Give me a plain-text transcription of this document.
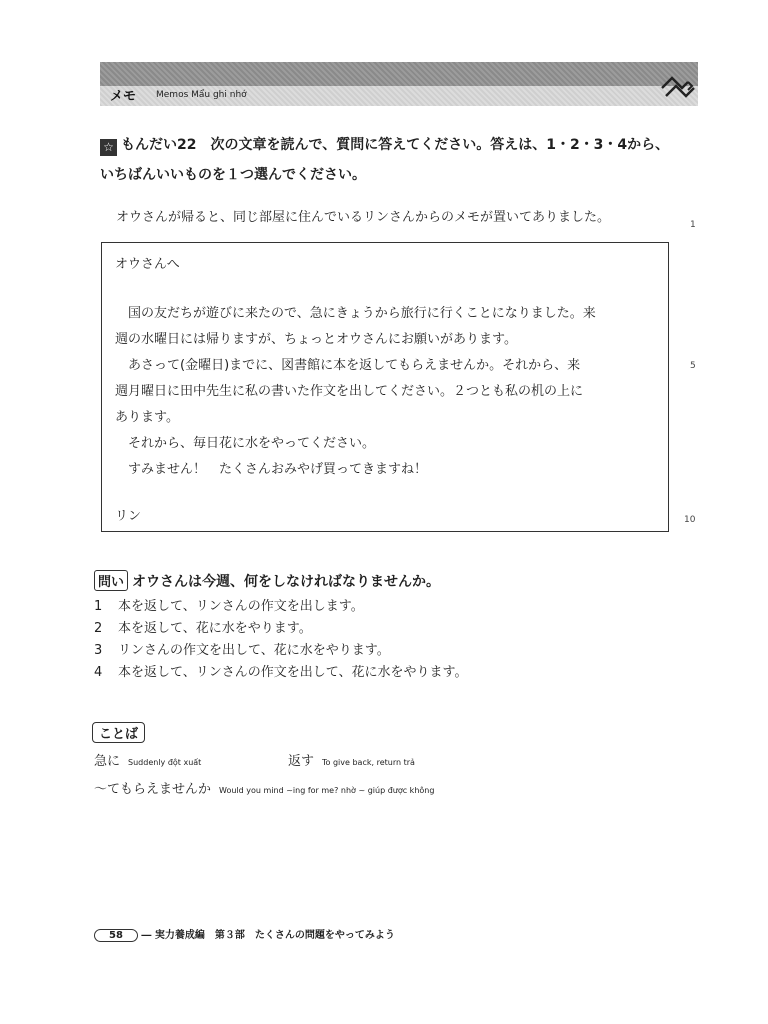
メモ Memos Mẩu ghi nhớ
☆ もんだい22　次の文章を読んで、質問に答えてください。答えは、1・2・3・4から、
いちばんいいものを１つ選んでください。
オウさんが帰ると、同じ部屋に住んでいるリンさんからのメモが置いてありました。	1
5
10
オウさんへ

　国の友だちが遊びに来たので、急にきょうから旅行に行くことになりました。来

週の水曜日には帰りますが、ちょっとオウさんにお願いがあります。

　あさって(金曜日)までに、図書館に本を返してもらえませんか。それから、来

週月曜日に田中先生に私の書いた作文を出してください。２つとも私の机の上に

あります。

　それから、毎日花に水をやってください。

　すみません！　たくさんおみやげ買ってきますね！

リン
問い オウさんは今週、何をしなければなりませんか。
1 本を返して、リンさんの作文を出します。
2 本を返して、花に水をやります。
3 リンさんの作文を出して、花に水をやります。
4 本を返して、リンさんの作文を出して、花に水をやります。
ことば
急に Suddenly đột xuất	返す To give back, return trả
～てもらえませんか Would you mind ~ing for me? nhờ ~ giúp được không
58 ― 実力養成編　第３部　たくさんの問題をやってみよう
